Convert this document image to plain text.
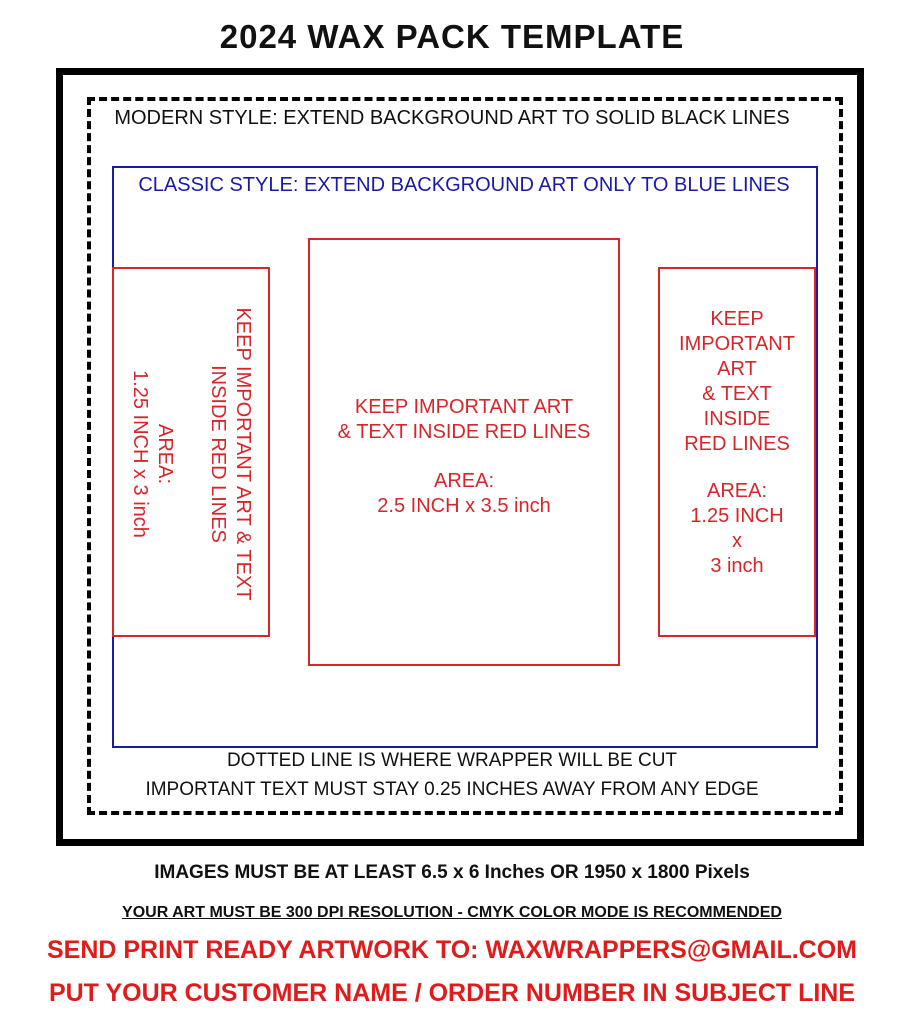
2024 WAX PACK TEMPLATE
MODERN STYLE: EXTEND BACKGROUND ART TO SOLID BLACK LINES
CLASSIC STYLE: EXTEND BACKGROUND ART ONLY TO BLUE LINES
KEEP IMPORTANT ART & TEXT
INSIDE RED LINES
AREA:
1.25 INCH x 3 inch	KEEP IMPORTANT ART
& TEXT INSIDE RED LINES
AREA:
2.5 INCH x 3.5 inch
KEEP
IMPORTANT
ART
& TEXT
INSIDE
RED LINES
AREA:
1.25 INCH
x
3 inch
DOTTED LINE IS WHERE WRAPPER WILL BE CUT
IMPORTANT TEXT MUST STAY 0.25 INCHES AWAY FROM ANY EDGE
IMAGES MUST BE AT LEAST 6.5 x 6 Inches OR 1950 x 1800 Pixels
YOUR ART MUST BE 300 DPI RESOLUTION - CMYK COLOR MODE IS RECOMMENDED
SEND PRINT READY ARTWORK TO: WAXWRAPPERS@GMAIL.COM
PUT YOUR CUSTOMER NAME / ORDER NUMBER IN SUBJECT LINE
